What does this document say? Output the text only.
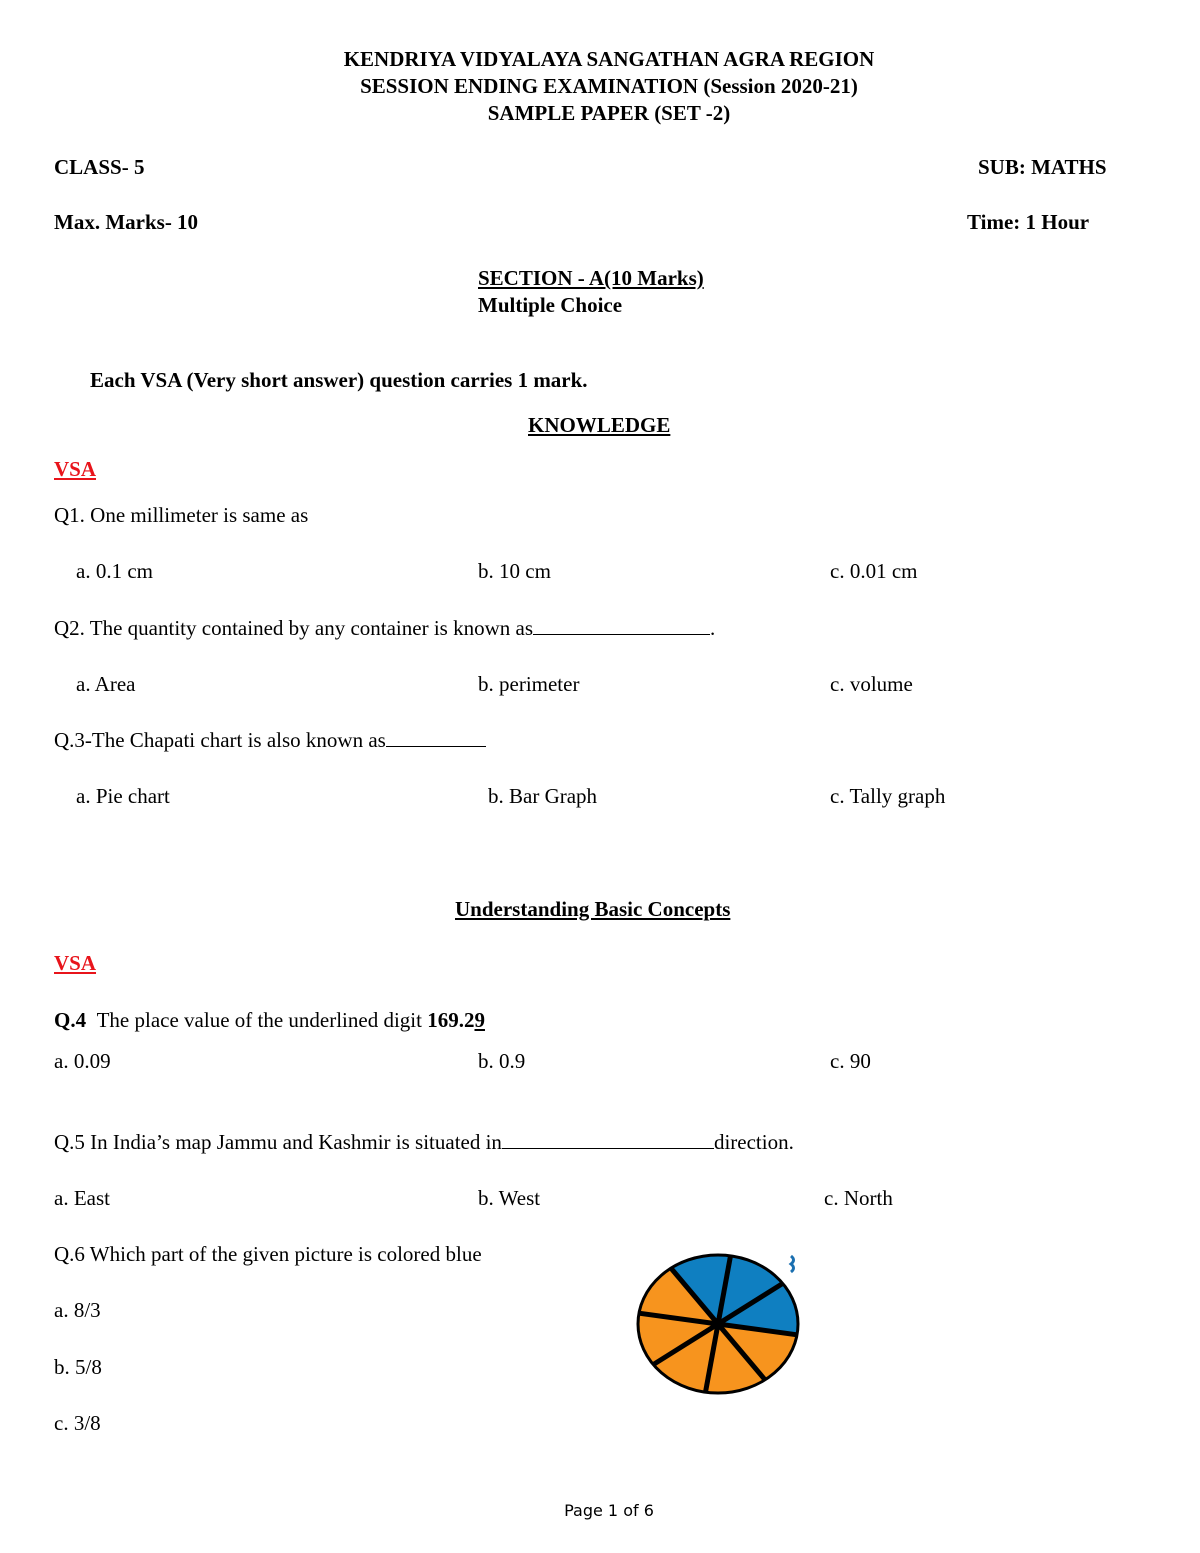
KENDRIYA VIDYALAYA SANGATHAN AGRA REGION
SESSION ENDING EXAMINATION (Session 2020-21)
SAMPLE PAPER (SET -2)
CLASS- 5	SUB: MATHS
Max. Marks- 10	Time: 1 Hour
SECTION - A(10 Marks)
Multiple Choice
Each VSA (Very short answer) question carries 1 mark.
KNOWLEDGE
VSA
Q1. One millimeter is same as
a. 0.1 cm	b. 10 cm	c. 0.01 cm
Q2. The quantity contained by any container is known as	.
a. Area	b. perimeter	c. volume
Q.3-The Chapati chart is also known as
a. Pie chart	b. Bar Graph	c. Tally graph
Understanding Basic Concepts
VSA
Q.4 The place value of the underlined digit 169.29
a. 0.09	b. 0.9	c. 90
Q.5 In India’s map Jammu and Kashmir is situated in	direction.
a. East	b. West	c. North
Q.6 Which part of the given picture is colored blue
a. 8/3
b. 5/8
c. 3/8
Page 1 of 6
